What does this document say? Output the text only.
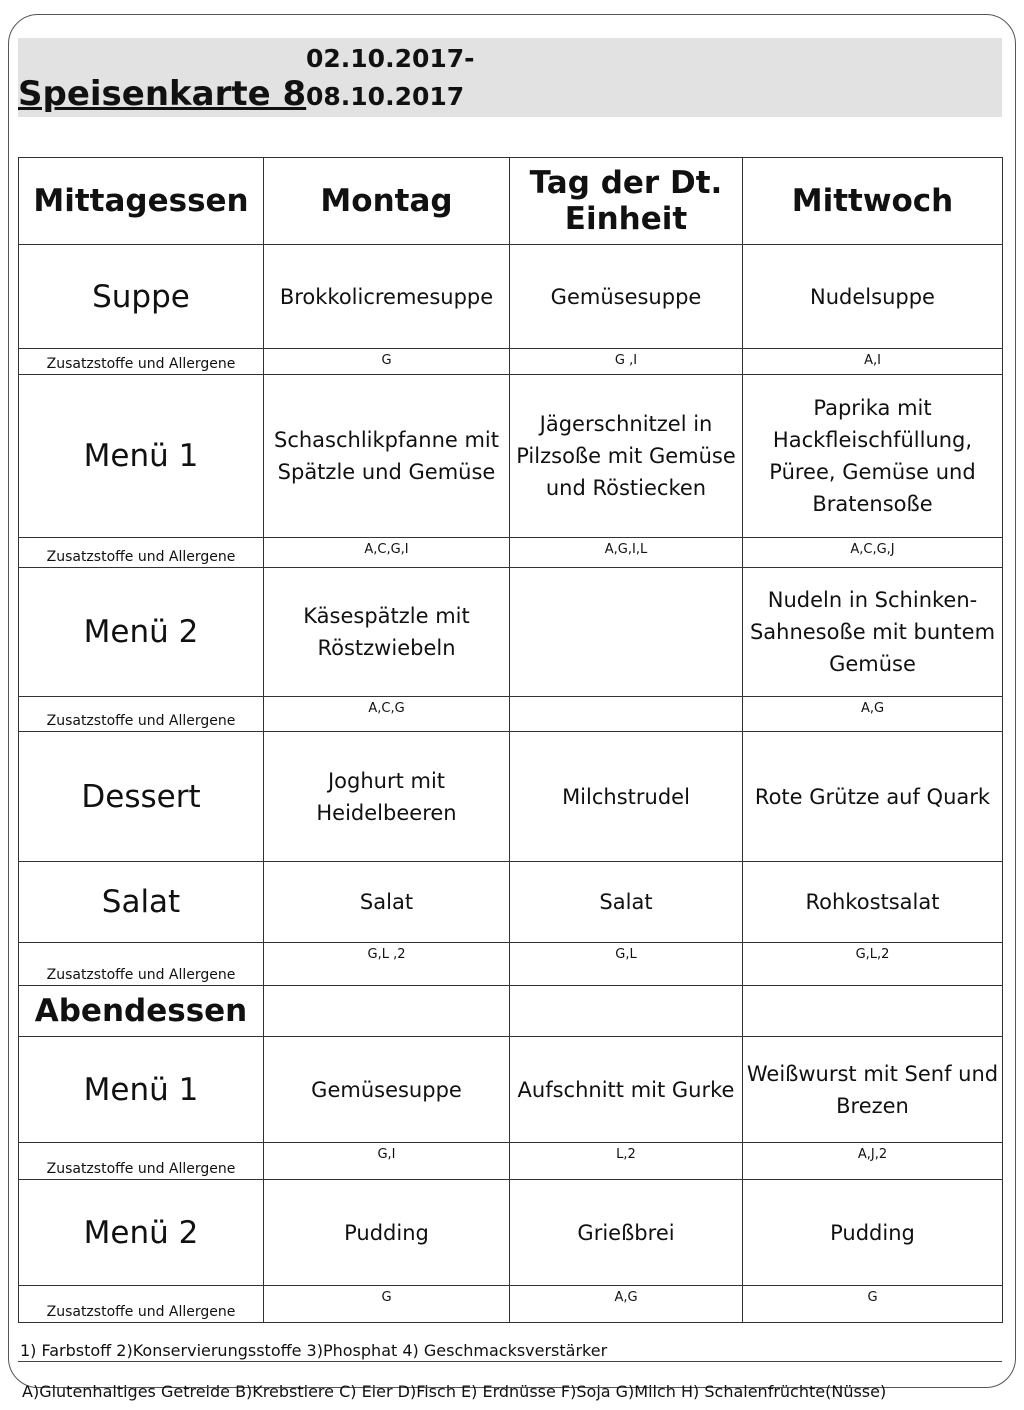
Speisenkarte 8
02.10.2017-
08.10.2017
Mittagessen	Montag	Tag der Dt. Einheit	Mittwoch
Suppe	Brokkolicremesuppe	Gemüsesuppe	Nudelsuppe
Zusatzstoffe und Allergene	G	G ,I	A,I
Menü 1	Schaschlikpfanne mit Spätzle und Gemüse	Jägerschnitzel in Pilzsoße mit Gemüse und Röstiecken	Paprika mit Hackfleischfüllung, Püree, Gemüse und Bratensoße
Zusatzstoffe und Allergene	A,C,G,I	A,G,I,L	A,C,G,J
Menü 2	Käsespätzle mit Röstzwiebeln		Nudeln in Schinken-Sahnesoße mit buntem Gemüse
Zusatzstoffe und Allergene	A,C,G		A,G
Dessert	Joghurt mit Heidelbeeren	Milchstrudel	Rote Grütze auf Quark
Salat	Salat	Salat	Rohkostsalat
Zusatzstoffe und Allergene	G,L ,2	G,L	G,L,2
Abendessen			
Menü 1	Gemüsesuppe	Aufschnitt mit Gurke	Weißwurst mit Senf und Brezen
Zusatzstoffe und Allergene	G,I	L,2	A,J,2
Menü 2	Pudding	Grießbrei	Pudding
Zusatzstoffe und Allergene	G	A,G	G
1) Farbstoff 2)Konservierungsstoffe 3)Phosphat 4) Geschmacksverstärker
A)Glutenhaltiges Getreide B)Krebstiere C) Eier D)Fisch E) Erdnüsse F)Soja G)Milch H) Schalenfrüchte(Nüsse)
